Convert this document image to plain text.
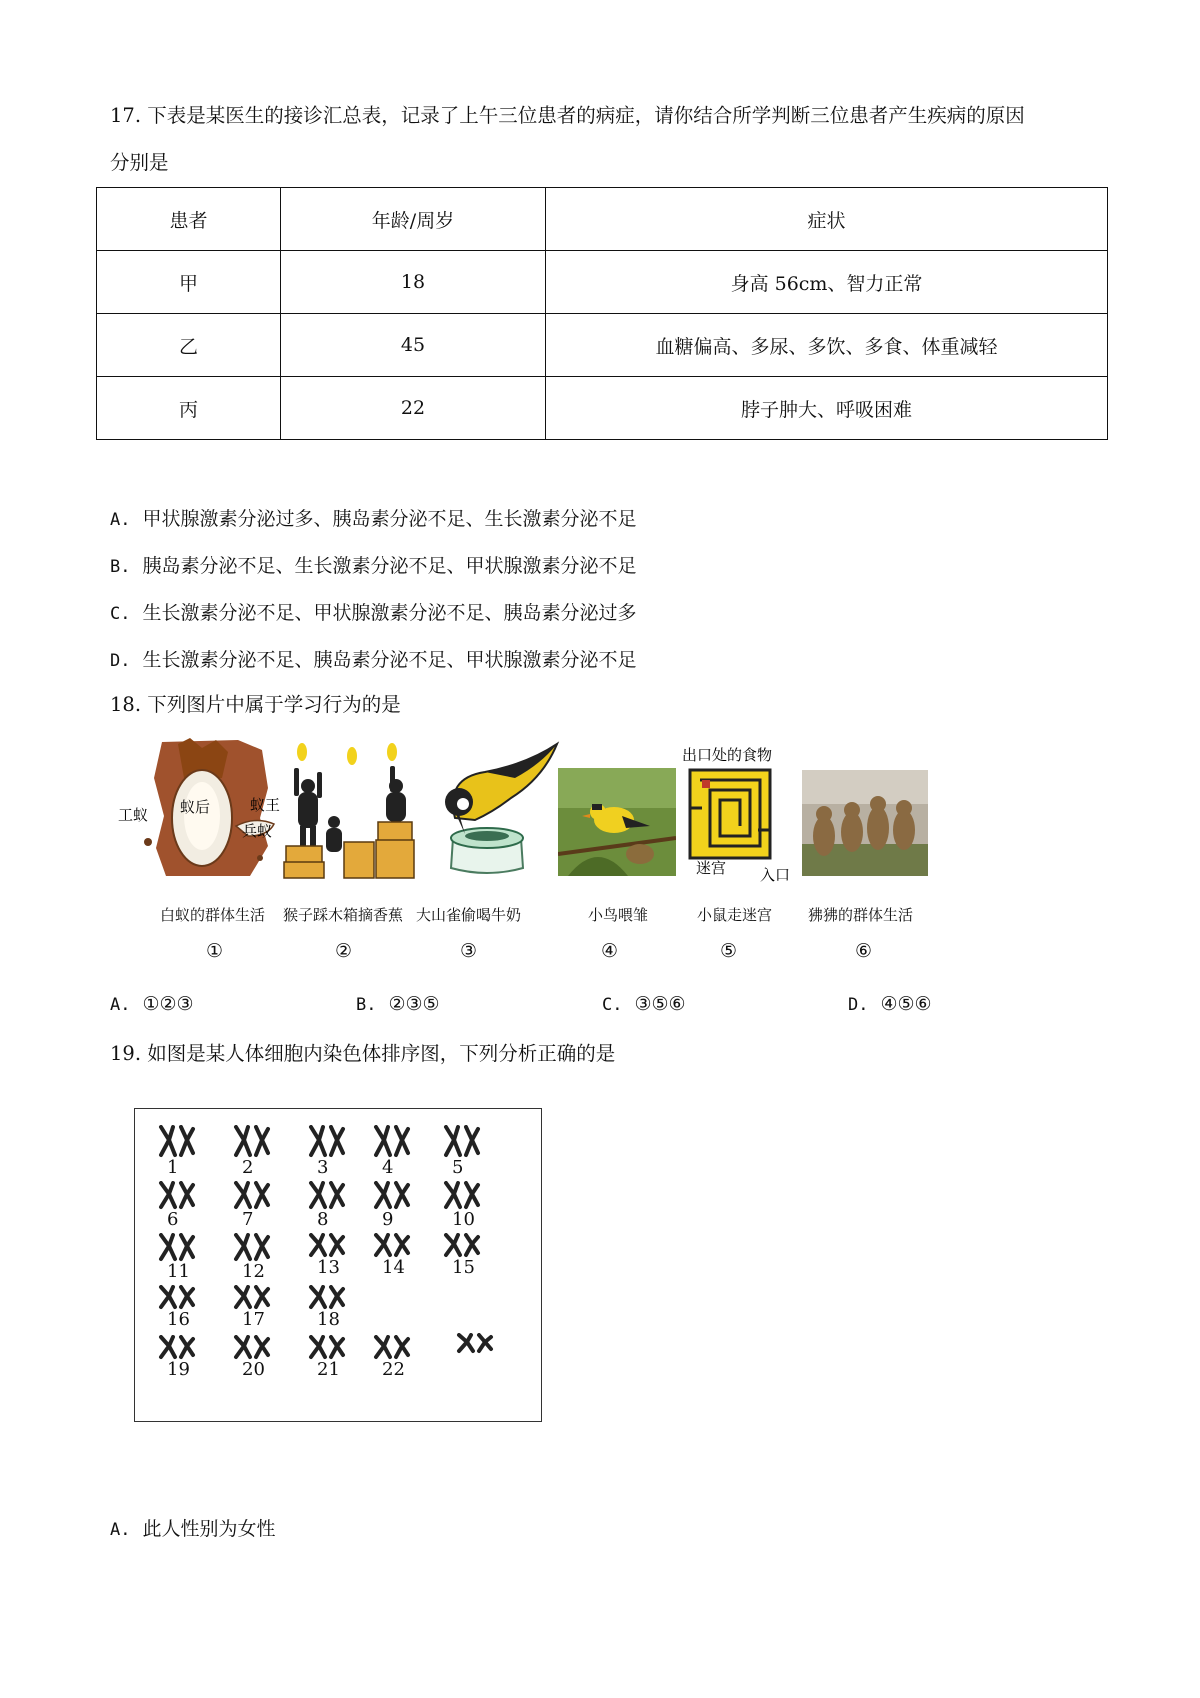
17. 下表是某医生的接诊汇总表，记录了上午三位患者的病症，请你结合所学判断三位患者产生疾病的原因
分别是
患者	年龄/周岁	症状
甲	18	身高 56cm、智力正常
乙	45	血糖偏高、多尿、多饮、多食、体重减轻
丙	22	脖子肿大、呼吸困难
A. 甲状腺激素分泌过多、胰岛素分泌不足、生长激素分泌不足
B. 胰岛素分泌不足、生长激素分泌不足、甲状腺激素分泌不足
C. 生长激素分泌不足、甲状腺激素分泌不足、胰岛素分泌过多
D. 生长激素分泌不足、胰岛素分泌不足、甲状腺激素分泌不足
18. 下列图片中属于学习行为的是
工蚁 蚁后	蚁王
兵蚁
出口处的食物
迷宫 入口
白蚁的群体生活 猴子踩木箱摘香蕉 大山雀偷喝牛奶	小鸟喂雏	小鼠走迷宫 狒狒的群体生活
①	②	③	④	⑤	⑥
A. ①②③	B. ②③⑤	C. ③⑤⑥	D. ④⑤⑥
19. 如图是某人体细胞内染色体排序图，下列分析正确的是
1	2	3	4	5
6	7	8	9	10
11	12	13 14	15
16	17	18
19	20	21 22
A. 此人性别为女性
